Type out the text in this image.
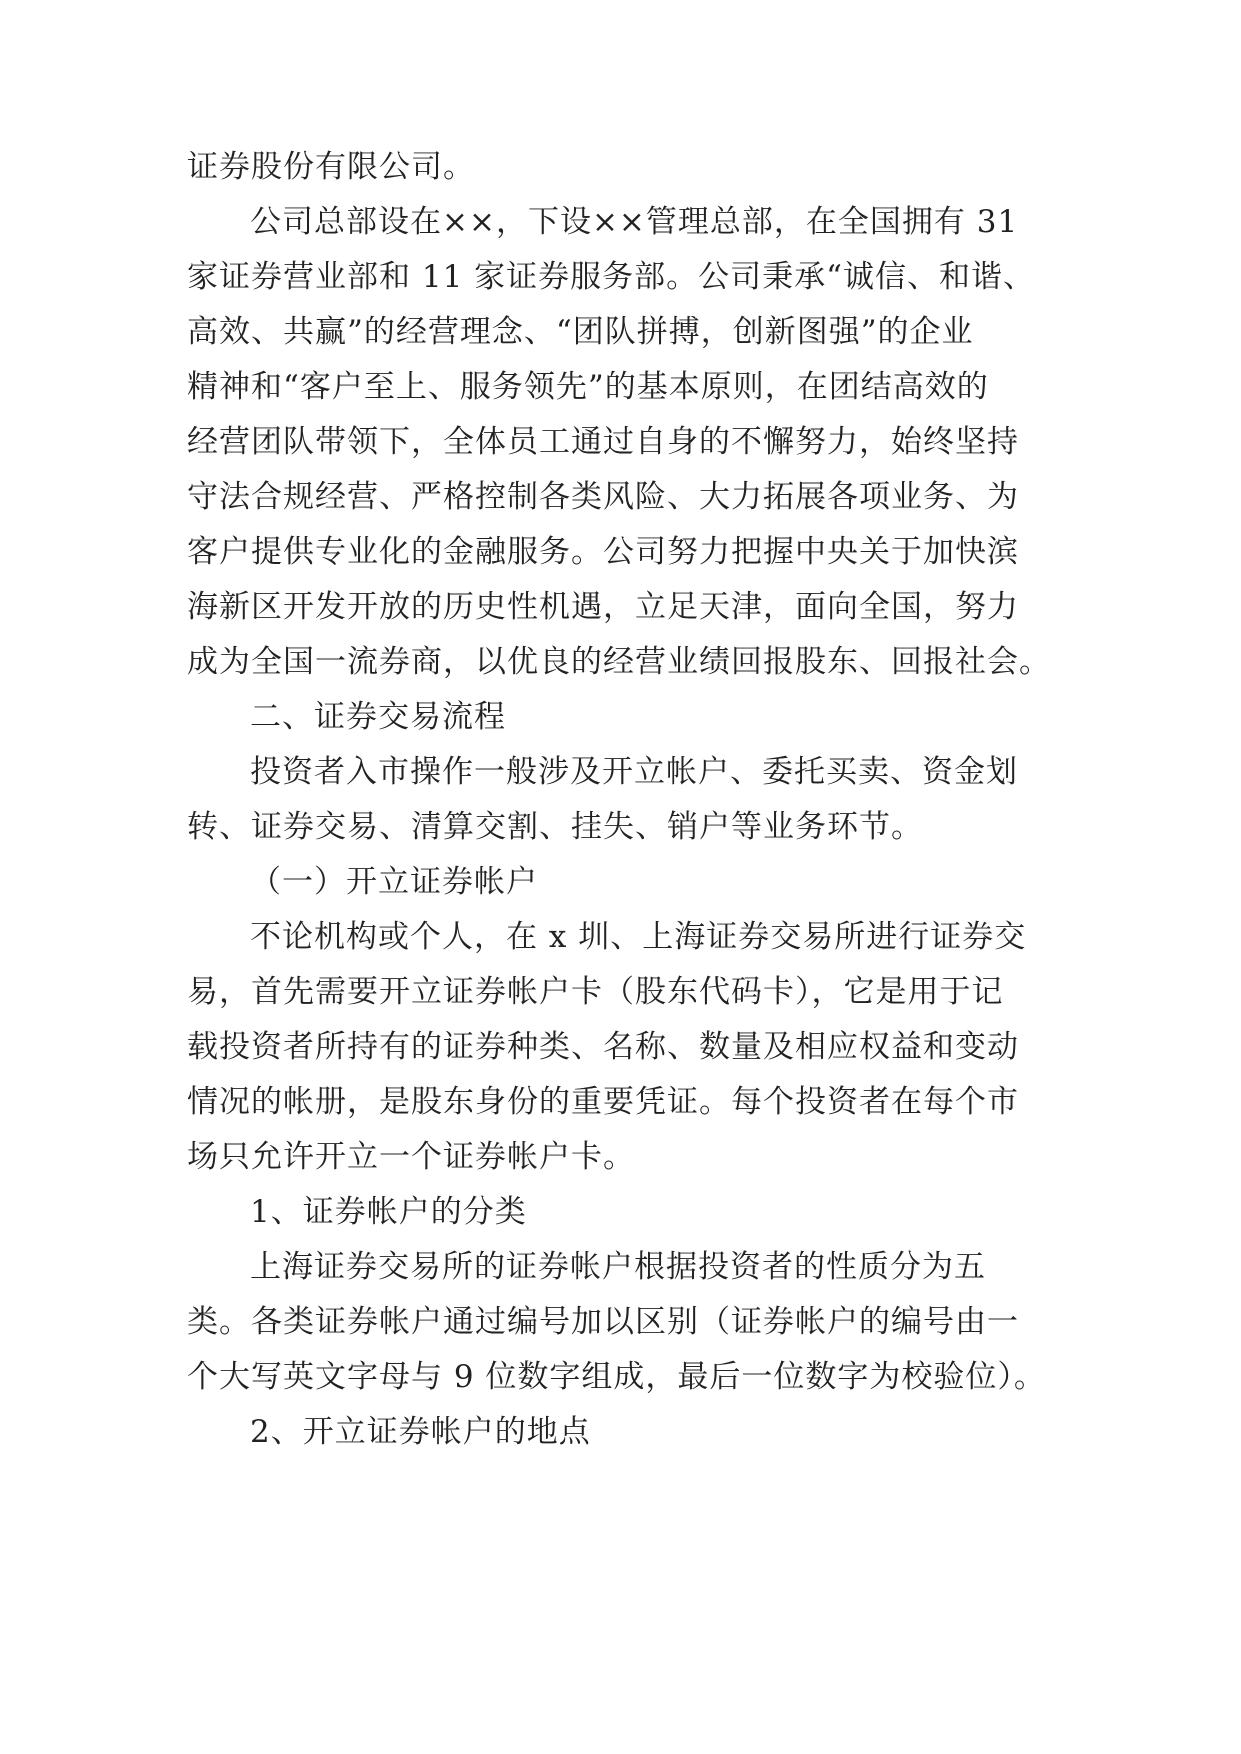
证券股份有限公司。
公司总部设在××，下设××管理总部，在全国拥有 31
家证券营业部和 11 家证券服务部。公司秉承“诚信、和谐、
高效、共赢”的经营理念、“团队拼搏，创新图强”的企业
精神和“客户至上、服务领先”的基本原则，在团结高效的
经营团队带领下，全体员工通过自身的不懈努力，始终坚持
守法合规经营、严格控制各类风险、大力拓展各项业务、为
客户提供专业化的金融服务。公司努力把握中央关于加快滨
海新区开发开放的历史性机遇，立足天津，面向全国，努力
成为全国一流券商，以优良的经营业绩回报股东、回报社会。
二、证券交易流程
投资者入市操作一般涉及开立帐户、委托买卖、资金划
转、证券交易、清算交割、挂失、销户等业务环节。
（一）开立证券帐户
不论机构或个人，在 x 圳、上海证券交易所进行证券交
易，首先需要开立证券帐户卡（股东代码卡），它是用于记
载投资者所持有的证券种类、名称、数量及相应权益和变动
情况的帐册，是股东身份的重要凭证。每个投资者在每个市
场只允许开立一个证券帐户卡。
1、证券帐户的分类
上海证券交易所的证券帐户根据投资者的性质分为五
类。各类证券帐户通过编号加以区别（证券帐户的编号由一
个大写英文字母与 9 位数字组成，最后一位数字为校验位）。
2、开立证券帐户的地点
